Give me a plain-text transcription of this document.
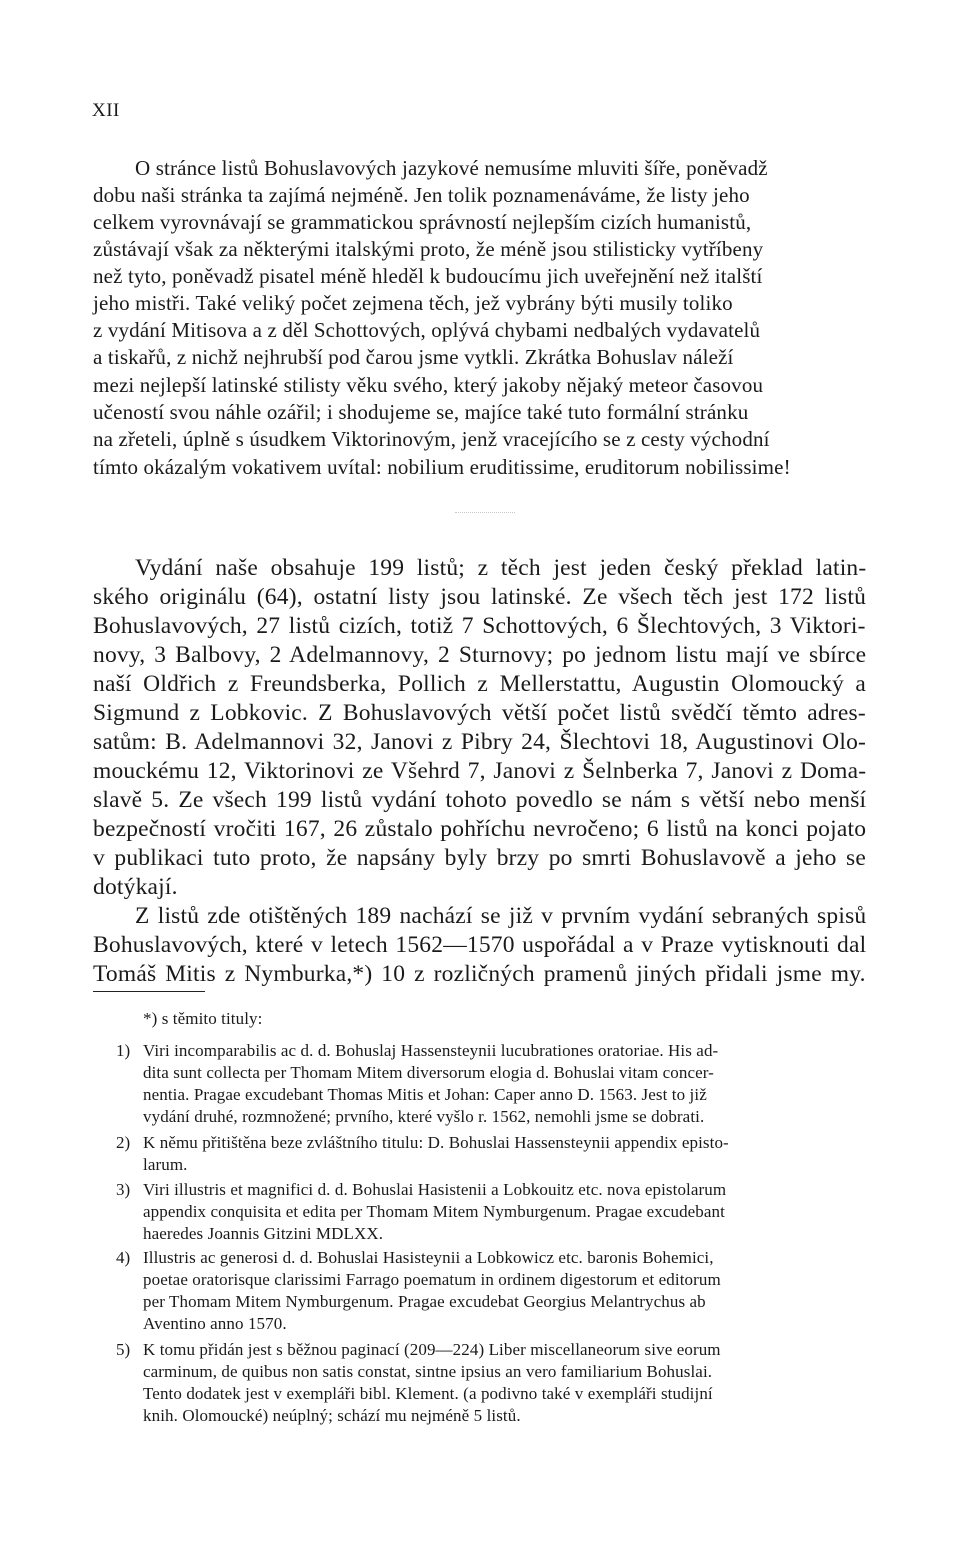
XII
O stránce listů Bohuslavových jazykové nemusíme mluviti šíře, poněvadž
dobu naši stránka ta zajímá nejméně. Jen tolik poznamenáváme, že listy jeho
celkem vyrovnávají se grammatickou správností nejlepším cizích humanistů,
zůstávají však za některými italskými proto, že méně jsou stilisticky vytříbeny
než tyto, poněvadž pisatel méně hleděl k budoucímu jich uveřejnění než italští
jeho mistři. Také veliký počet zejmena těch, jež vybrány býti musily toliko
z vydání Mitisova a z děl Schottových, oplývá chybami nedbalých vydavatelů
a tiskařů, z nichž nejhrubší pod čarou jsme vytkli. Zkrátka Bohuslav náleží
mezi nejlepší latinské stilisty věku svého, který jakoby nějaký meteor časovou
učeností svou náhle ozářil; i shodujeme se, majíce také tuto formální stránku
na zřeteli, úplně s úsudkem Viktorinovým, jenž vracejícího se z cesty východní
tímto okázalým vokativem uvítal: nobilium eruditissime, eruditorum nobilissime!
Vydání naše obsahuje 199 listů; z těch jest jeden český překlad latin-
ského originálu (64), ostatní listy jsou latinské. Ze všech těch jest 172 listů
Bohuslavových, 27 listů cizích, totiž 7 Schottových, 6 Šlechtových, 3 Viktori-
novy, 3 Balbovy, 2 Adelmannovy, 2 Sturnovy; po jednom listu mají ve sbírce
naší Oldřich z Freundsberka, Pollich z Mellerstattu, Augustin Olomoucký a
Sigmund z Lobkovic. Z Bohuslavových větší počet listů svědčí těmto adres-
satům: B. Adelmannovi 32, Janovi z Pibry 24, Šlechtovi 18, Augustinovi Olo-
mouckému 12, Viktorinovi ze Všehrd 7, Janovi z Šelnberka 7, Janovi z Doma-
slavě 5. Ze všech 199 listů vydání tohoto povedlo se nám s větší nebo menší
bezpečností vročiti 167, 26 zůstalo pohříchu nevročeno; 6 listů na konci pojato
v publikaci tuto proto, že napsány byly brzy po smrti Bohuslavově a jeho se
dotýkají.
Z listů zde otištěných 189 nachází se již v prvním vydání sebraných spisů
Bohuslavových, které v letech 1562—1570 uspořádal a v Praze vytisknouti dal
Tomáš Mitis z Nymburka,*) 10 z rozličných pramenů jiných přidali jsme my.
*) s těmito tituly:
1) Viri incomparabilis ac d. d. Bohuslaj Hassensteynii lucubrationes oratoriae. His ad-
dita sunt collecta per Thomam Mitem diversorum elogia d. Bohuslai vitam concer-
nentia. Pragae excudebant Thomas Mitis et Johan: Caper anno D. 1563. Jest to již
vydání druhé, rozmnožené; prvního, které vyšlo r. 1562, nemohli jsme se dobrati.
2) K němu přitištěna beze zvláštního titulu: D. Bohuslai Hassensteynii appendix episto-
larum.
3) Viri illustris et magnifici d. d. Bohuslai Hasistenii a Lobkouitz etc. nova epistolarum
appendix conquisita et edita per Thomam Mitem Nymburgenum. Pragae excudebant
haeredes Joannis Gitzini MDLXX.
4) Illustris ac generosi d. d. Bohuslai Hasisteynii a Lobkowicz etc. baronis Bohemici,
poetae oratorisque clarissimi Farrago poematum in ordinem digestorum et editorum
per Thomam Mitem Nymburgenum. Pragae excudebat Georgius Melantrychus ab
Aventino anno 1570.
5) K tomu přidán jest s běžnou paginací (209—224) Liber miscellaneorum sive eorum
carminum, de quibus non satis constat, sintne ipsius an vero familiarium Bohuslai.
Tento dodatek jest v exempláři bibl. Klement. (a podivno také v exempláři studijní
knih. Olomoucké) neúplný; schází mu nejméně 5 listů.
